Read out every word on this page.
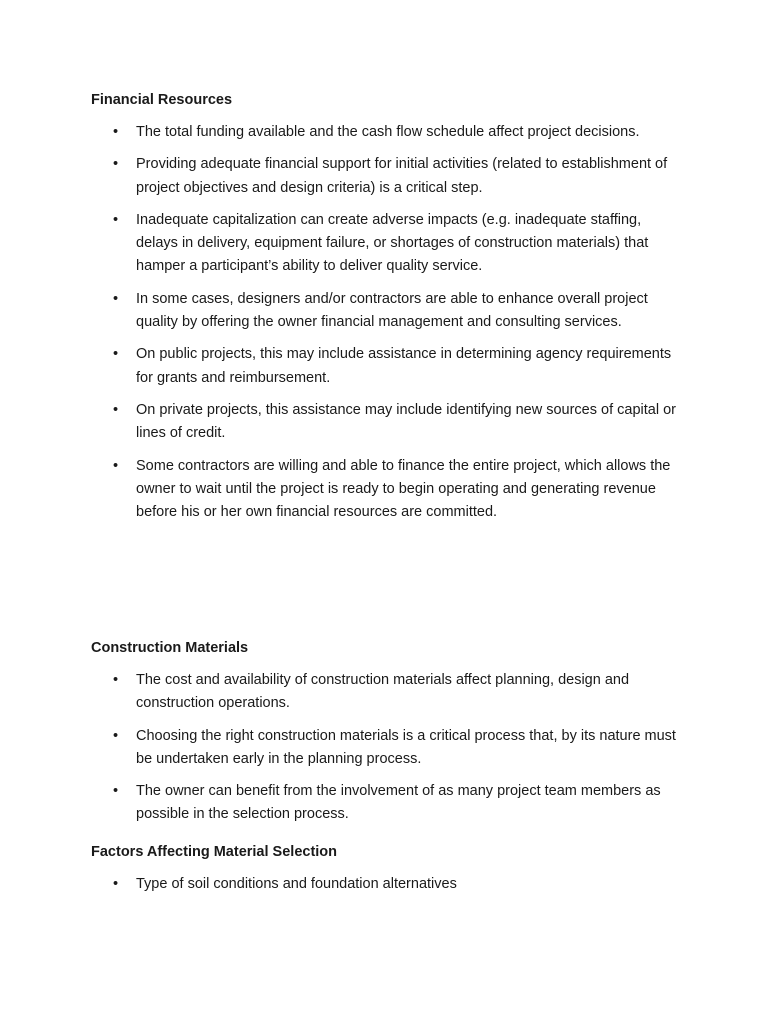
Financial Resources

• The total funding available and the cash flow schedule affect project decisions.
• Providing adequate financial support for initial activities (related to establishment of project objectives and design criteria) is a critical step.
• Inadequate capitalization can create adverse impacts (e.g. inadequate staffing, delays in delivery, equipment failure, or shortages of construction materials) that hamper a participant’s ability to deliver quality service.
• In some cases, designers and/or contractors are able to enhance overall project quality by offering the owner financial management and consulting services.
• On public projects, this may include assistance in determining agency requirements for grants and reimbursement.
• On private projects, this assistance may include identifying new sources of capital or lines of credit.
• Some contractors are willing and able to finance the entire project, which allows the owner to wait until the project is ready to begin operating and generating revenue before his or her own financial resources are committed.

Construction Materials

• The cost and availability of construction materials affect planning, design and construction operations.
• Choosing the right construction materials is a critical process that, by its nature must be undertaken early in the planning process.
• The owner can benefit from the involvement of as many project team members as possible in the selection process.

Factors Affecting Material Selection

• Type of soil conditions and foundation alternatives
